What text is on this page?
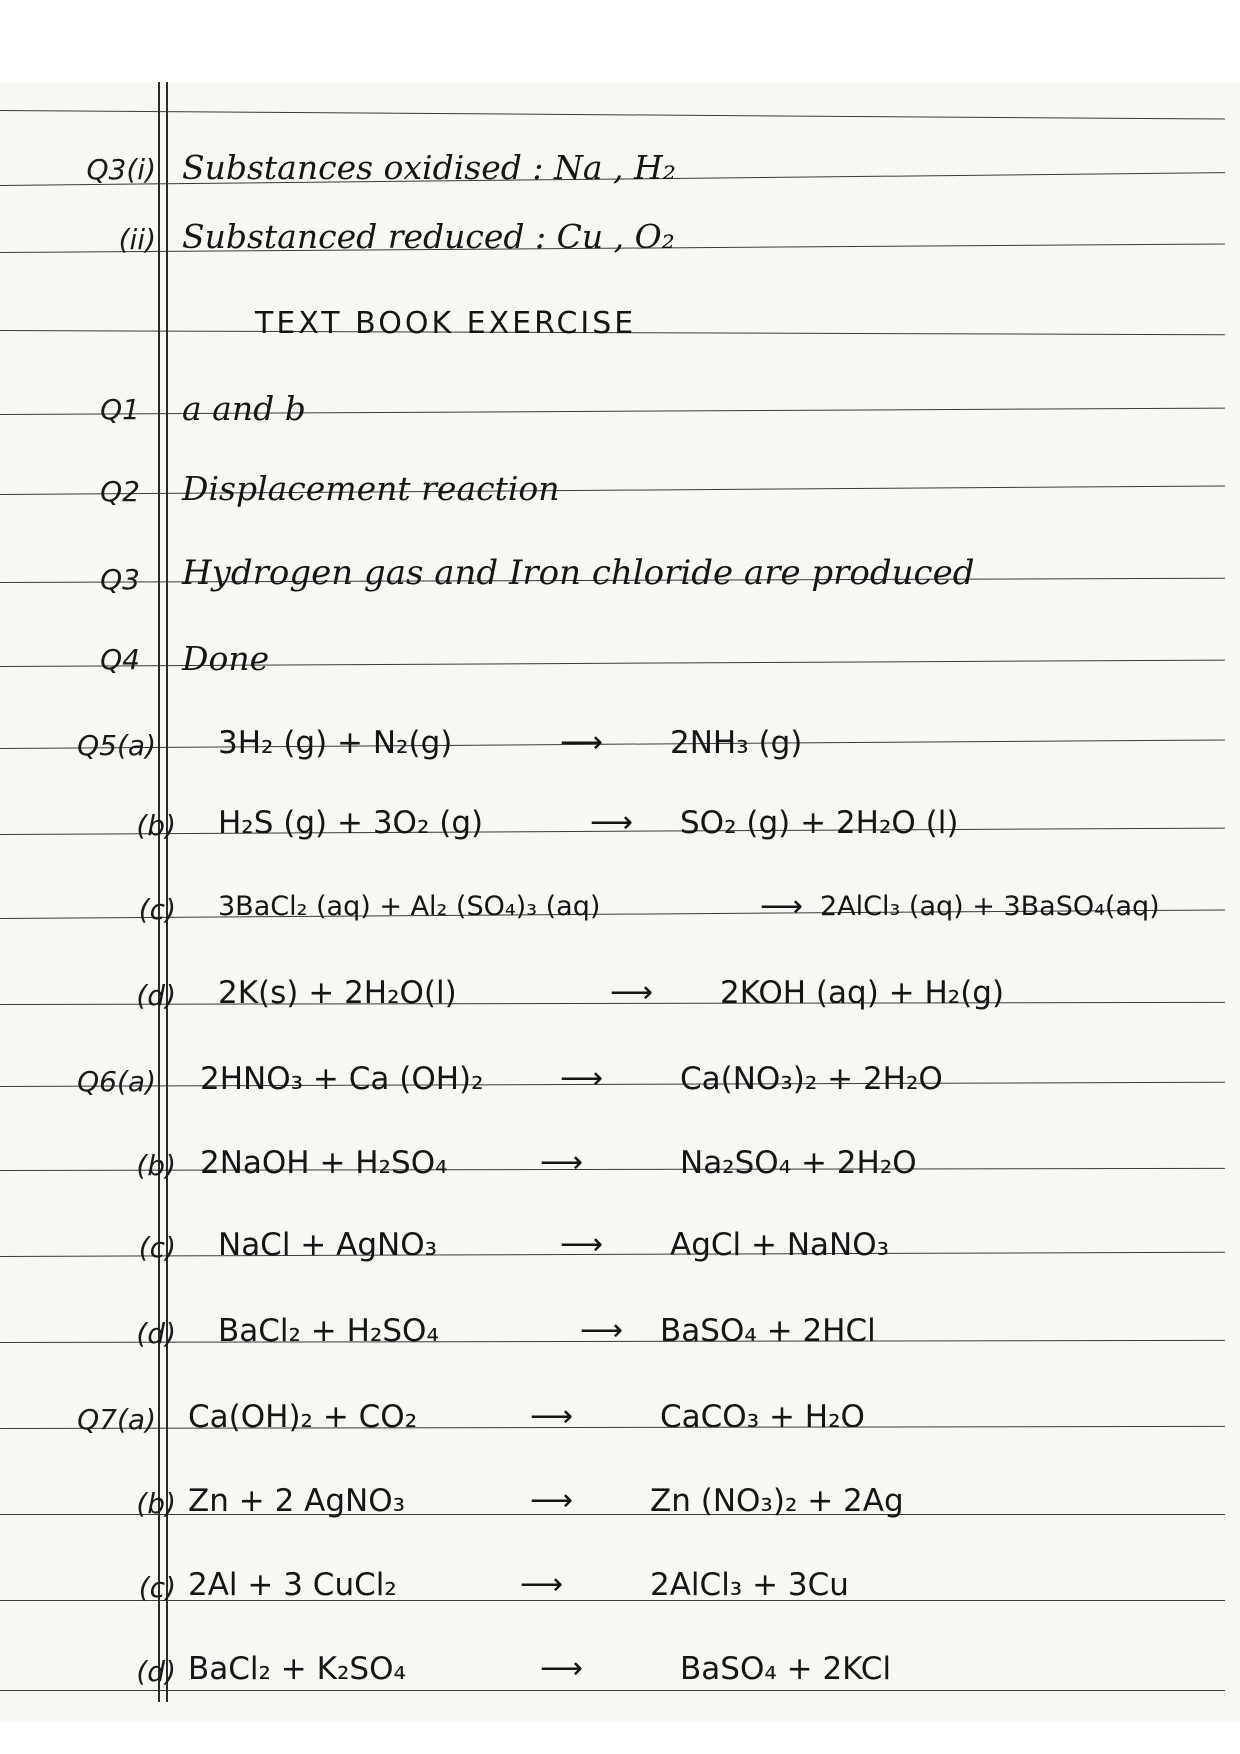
Q3(i) Substances oxidised : Na , H₂
(ii) Substanced reduced : Cu , O₂
TEXT BOOK EXERCISE
Q1 a and b
Q2 Displacement reaction
Q3 Hydrogen gas and Iron chloride are produced
Q4 Done
Q5(a) 3H₂ (g) + N₂(g)	⟶ 2NH₃ (g)
(b) H₂S (g) + 3O₂ (g)	⟶ SO₂ (g) + 2H₂O (l)
(c) 3BaCl₂ (aq) + Al₂ (SO₄)₃ (aq)	⟶ 2AlCl₃ (aq) + 3BaSO₄(aq)
(d) 2K(s) + 2H₂O(l)	⟶ 2KOH (aq) + H₂(g)
Q6(a) 2HNO₃ + Ca (OH)₂	⟶ Ca(NO₃)₂ + 2H₂O
(b) 2NaOH + H₂SO₄	⟶	Na₂SO₄ + 2H₂O
(c) NaCl + AgNO₃	⟶ AgCl + NaNO₃
(d) BaCl₂ + H₂SO₄	⟶ BaSO₄ + 2HCl
Q7(a) Ca(OH)₂ + CO₂	⟶	CaCO₃ + H₂O
(b) Zn + 2 AgNO₃	⟶ Zn (NO₃)₂ + 2Ag
(c) 2Al + 3 CuCl₂	⟶	2AlCl₃ + 3Cu
(d) BaCl₂ + K₂SO₄	⟶	BaSO₄ + 2KCl
